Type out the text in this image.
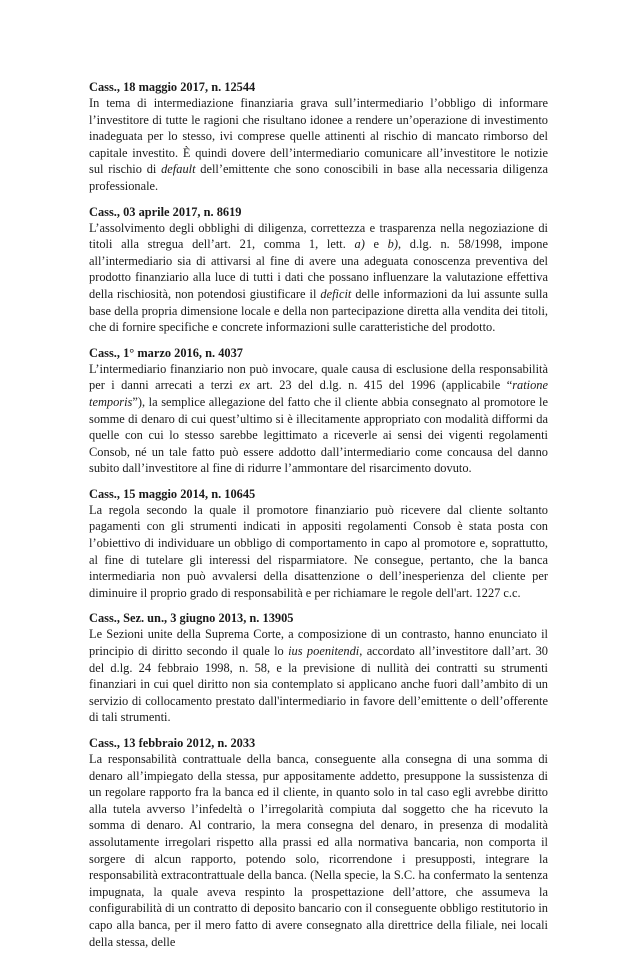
Cass., 18 maggio 2017, n. 12544

In tema di intermediazione finanziaria grava sull’intermediario l’obbligo di informare l’investitore di tutte le ragioni che risultano idonee a rendere un’operazione di investimento inadeguata per lo stesso, ivi comprese quelle attinenti al rischio di mancato rimborso del capitale investito. È quindi dovere dell’intermediario comunicare all’investitore le notizie sul rischio di default dell’emittente che sono conoscibili in base alla necessaria diligenza professionale.

Cass., 03 aprile 2017, n. 8619

L’assolvimento degli obblighi di diligenza, correttezza e trasparenza nella negoziazione di titoli alla stregua dell’art. 21, comma 1, lett. a) e b), d.lg. n. 58/1998, impone all’intermediario sia di attivarsi al fine di avere una adeguata conoscenza preventiva del prodotto finanziario alla luce di tutti i dati che possano influenzare la valutazione effettiva della rischiosità, non potendosi giustificare il deficit delle informazioni da lui assunte sulla base della propria dimensione locale e della non partecipazione diretta alla vendita dei titoli, che di fornire specifiche e concrete informazioni sulle caratteristiche del prodotto.

Cass., 1° marzo 2016, n. 4037

L’intermediario finanziario non può invocare, quale causa di esclusione della responsabilità per i danni arrecati a terzi ex art. 23 del d.lg. n. 415 del 1996 (applicabile “ratione temporis”), la semplice allegazione del fatto che il cliente abbia consegnato al promotore le somme di denaro di cui quest’ultimo si è illecitamente appropriato con modalità difformi da quelle con cui lo stesso sarebbe legittimato a riceverle ai sensi dei vigenti regolamenti Consob, né un tale fatto può essere addotto dall’intermediario come concausa del danno subito dall’investitore al fine di ridurre l’ammontare del risarcimento dovuto.

Cass., 15 maggio 2014, n. 10645

La regola secondo la quale il promotore finanziario può ricevere dal cliente soltanto pagamenti con gli strumenti indicati in appositi regolamenti Consob è stata posta con l’obiettivo di individuare un obbligo di comportamento in capo al promotore e, soprattutto, al fine di tutelare gli interessi del risparmiatore. Ne consegue, pertanto, che la banca intermediaria non può avvalersi della disattenzione o dell’inesperienza del cliente per diminuire il proprio grado di responsabilità e per richiamare le regole dell'art. 1227 c.c.

Cass., Sez. un., 3 giugno 2013, n. 13905

Le Sezioni unite della Suprema Corte, a composizione di un contrasto, hanno enunciato il principio di diritto secondo il quale lo ius poenitendi, accordato all’investitore dall’art. 30 del d.lg. 24 febbraio 1998, n. 58, e la previsione di nullità dei contratti su strumenti finanziari in cui quel diritto non sia contemplato si applicano anche fuori dall’ambito di un servizio di collocamento prestato dall'intermediario in favore dell’emittente o dell’offerente di tali strumenti.

Cass., 13 febbraio 2012, n. 2033

La responsabilità contrattuale della banca, conseguente alla consegna di una somma di denaro all’impiegato della stessa, pur appositamente addetto, presuppone la sussistenza di un regolare rapporto fra la banca ed il cliente, in quanto solo in tal caso egli avrebbe diritto alla tutela avverso l’infedeltà o l’irregolarità compiuta dal soggetto che ha ricevuto la somma di denaro. Al contrario, la mera consegna del denaro, in presenza di modalità assolutamente irregolari rispetto alla prassi ed alla normativa bancaria, non comporta il sorgere di alcun rapporto, potendo solo, ricorrendone i presupposti, integrare la responsabilità extracontrattuale della banca. (Nella specie, la S.C. ha confermato la sentenza impugnata, la quale aveva respinto la prospettazione dell’attore, che assumeva la configurabilità di un contratto di deposito bancario con il conseguente obbligo restitutorio in capo alla banca, per il mero fatto di avere consegnato alla direttrice della filiale, nei locali della stessa, delle
